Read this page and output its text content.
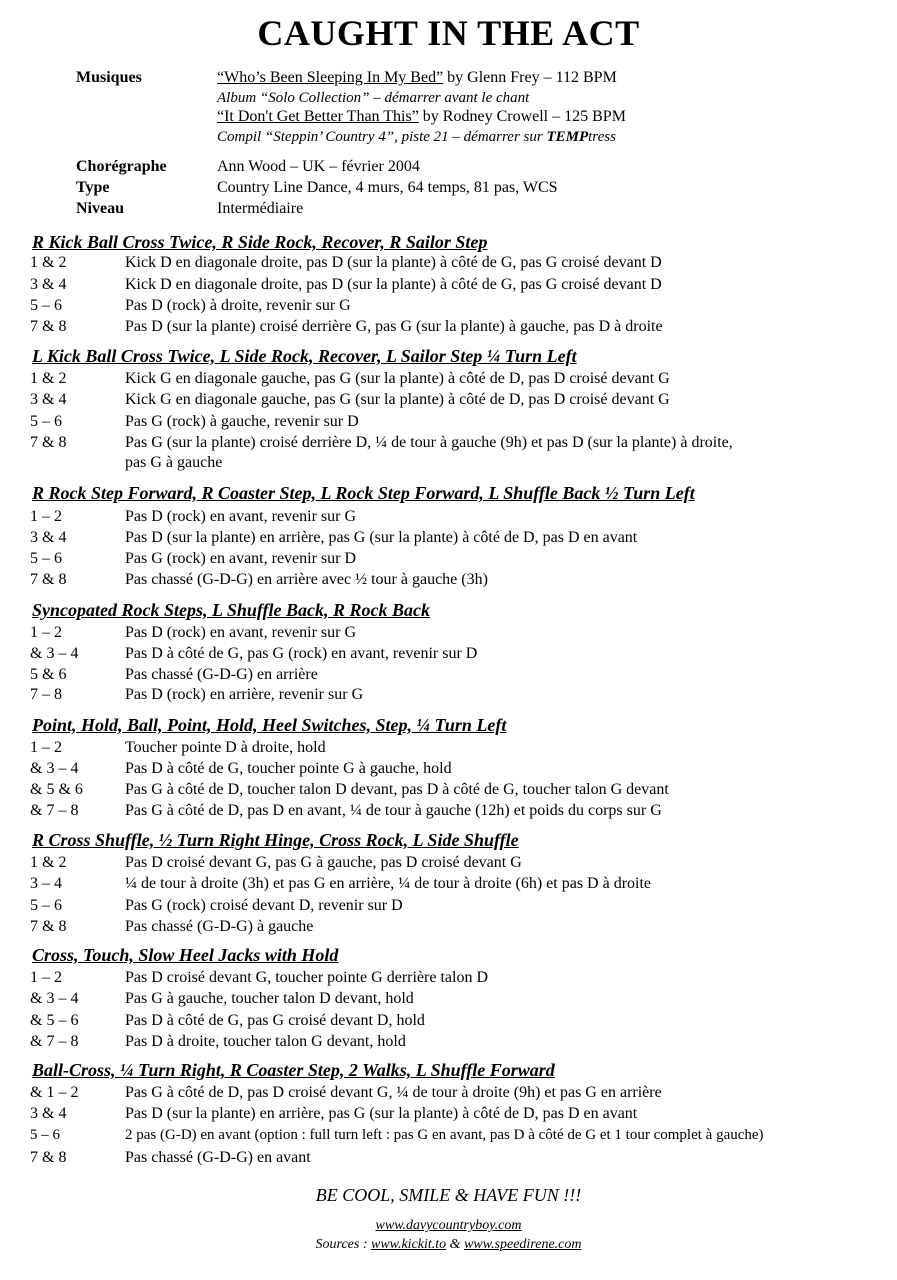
CAUGHT IN THE ACT
Musiques	“Who’s Been Sleeping In My Bed” by Glenn Frey – 112 BPM
Album “Solo Collection” – démarrer avant le chant
“It Don't Get Better Than This” by Rodney Crowell – 125 BPM
Compil “Steppin’ Country 4”, piste 21 – démarrer sur TEMPtress
Chorégraphe	Ann Wood – UK – février 2004
Type	Country Line Dance, 4 murs, 64 temps, 81 pas, WCS
Niveau	Intermédiaire
R Kick Ball Cross Twice, R Side Rock, Recover, R Sailor Step
1 & 2	Kick D en diagonale droite, pas D (sur la plante) à côté de G, pas G croisé devant D
3 & 4	Kick D en diagonale droite, pas D (sur la plante) à côté de G, pas G croisé devant D
5 – 6	Pas D (rock) à droite, revenir sur G
7 & 8	Pas D (sur la plante) croisé derrière G, pas G (sur la plante) à gauche, pas D à droite
L Kick Ball Cross Twice, L Side Rock, Recover, L Sailor Step ¼ Turn Left
1 & 2	Kick G en diagonale gauche, pas G (sur la plante) à côté de D, pas D croisé devant G
3 & 4	Kick G en diagonale gauche, pas G (sur la plante) à côté de D, pas D croisé devant G
5 – 6	Pas G (rock) à gauche, revenir sur D
7 & 8	Pas G (sur la plante) croisé derrière D, ¼ de tour à gauche (9h) et pas D (sur la plante) à droite,
pas G à gauche
R Rock Step Forward, R Coaster Step, L Rock Step Forward, L Shuffle Back ½ Turn Left
1 – 2	Pas D (rock) en avant, revenir sur G
3 & 4	Pas D (sur la plante) en arrière, pas G (sur la plante) à côté de D, pas D en avant
5 – 6	Pas G (rock) en avant, revenir sur D
7 & 8	Pas chassé (G-D-G) en arrière avec ½ tour à gauche (3h)
Syncopated Rock Steps, L Shuffle Back, R Rock Back
1 – 2	Pas D (rock) en avant, revenir sur G
& 3 – 4	Pas D à côté de G, pas G (rock) en avant, revenir sur D
5 & 6	Pas chassé (G-D-G) en arrière
7 – 8	Pas D (rock) en arrière, revenir sur G
Point, Hold, Ball, Point, Hold, Heel Switches, Step, ¼ Turn Left
1 – 2	Toucher pointe D à droite, hold
& 3 – 4	Pas D à côté de G, toucher pointe G à gauche, hold
& 5 & 6	Pas G à côté de D, toucher talon D devant, pas D à côté de G, toucher talon G devant
& 7 – 8	Pas G à côté de D, pas D en avant, ¼ de tour à gauche (12h) et poids du corps sur G
R Cross Shuffle, ½ Turn Right Hinge, Cross Rock, L Side Shuffle
1 & 2	Pas D croisé devant G, pas G à gauche, pas D croisé devant G
3 – 4	¼ de tour à droite (3h) et pas G en arrière, ¼ de tour à droite (6h) et pas D à droite
5 – 6	Pas G (rock) croisé devant D, revenir sur D
7 & 8	Pas chassé (G-D-G) à gauche
Cross, Touch, Slow Heel Jacks with Hold
1 – 2	Pas D croisé devant G, toucher pointe G derrière talon D
& 3 – 4	Pas G à gauche, toucher talon D devant, hold
& 5 – 6	Pas D à côté de G, pas G croisé devant D, hold
& 7 – 8	Pas D à droite, toucher talon G devant, hold
Ball-Cross, ¼ Turn Right, R Coaster Step, 2 Walks, L Shuffle Forward
& 1 – 2	Pas G à côté de D, pas D croisé devant G, ¼ de tour à droite (9h) et pas G en arrière
3 & 4	Pas D (sur la plante) en arrière, pas G (sur la plante) à côté de D, pas D en avant
5 – 6	2 pas (G-D) en avant (option : full turn left : pas G en avant, pas D à côté de G et 1 tour complet à gauche)
7 & 8	Pas chassé (G-D-G) en avant
BE COOL, SMILE & HAVE FUN !!!
www.davycountryboy.com
Sources : www.kickit.to & www.speedirene.com
